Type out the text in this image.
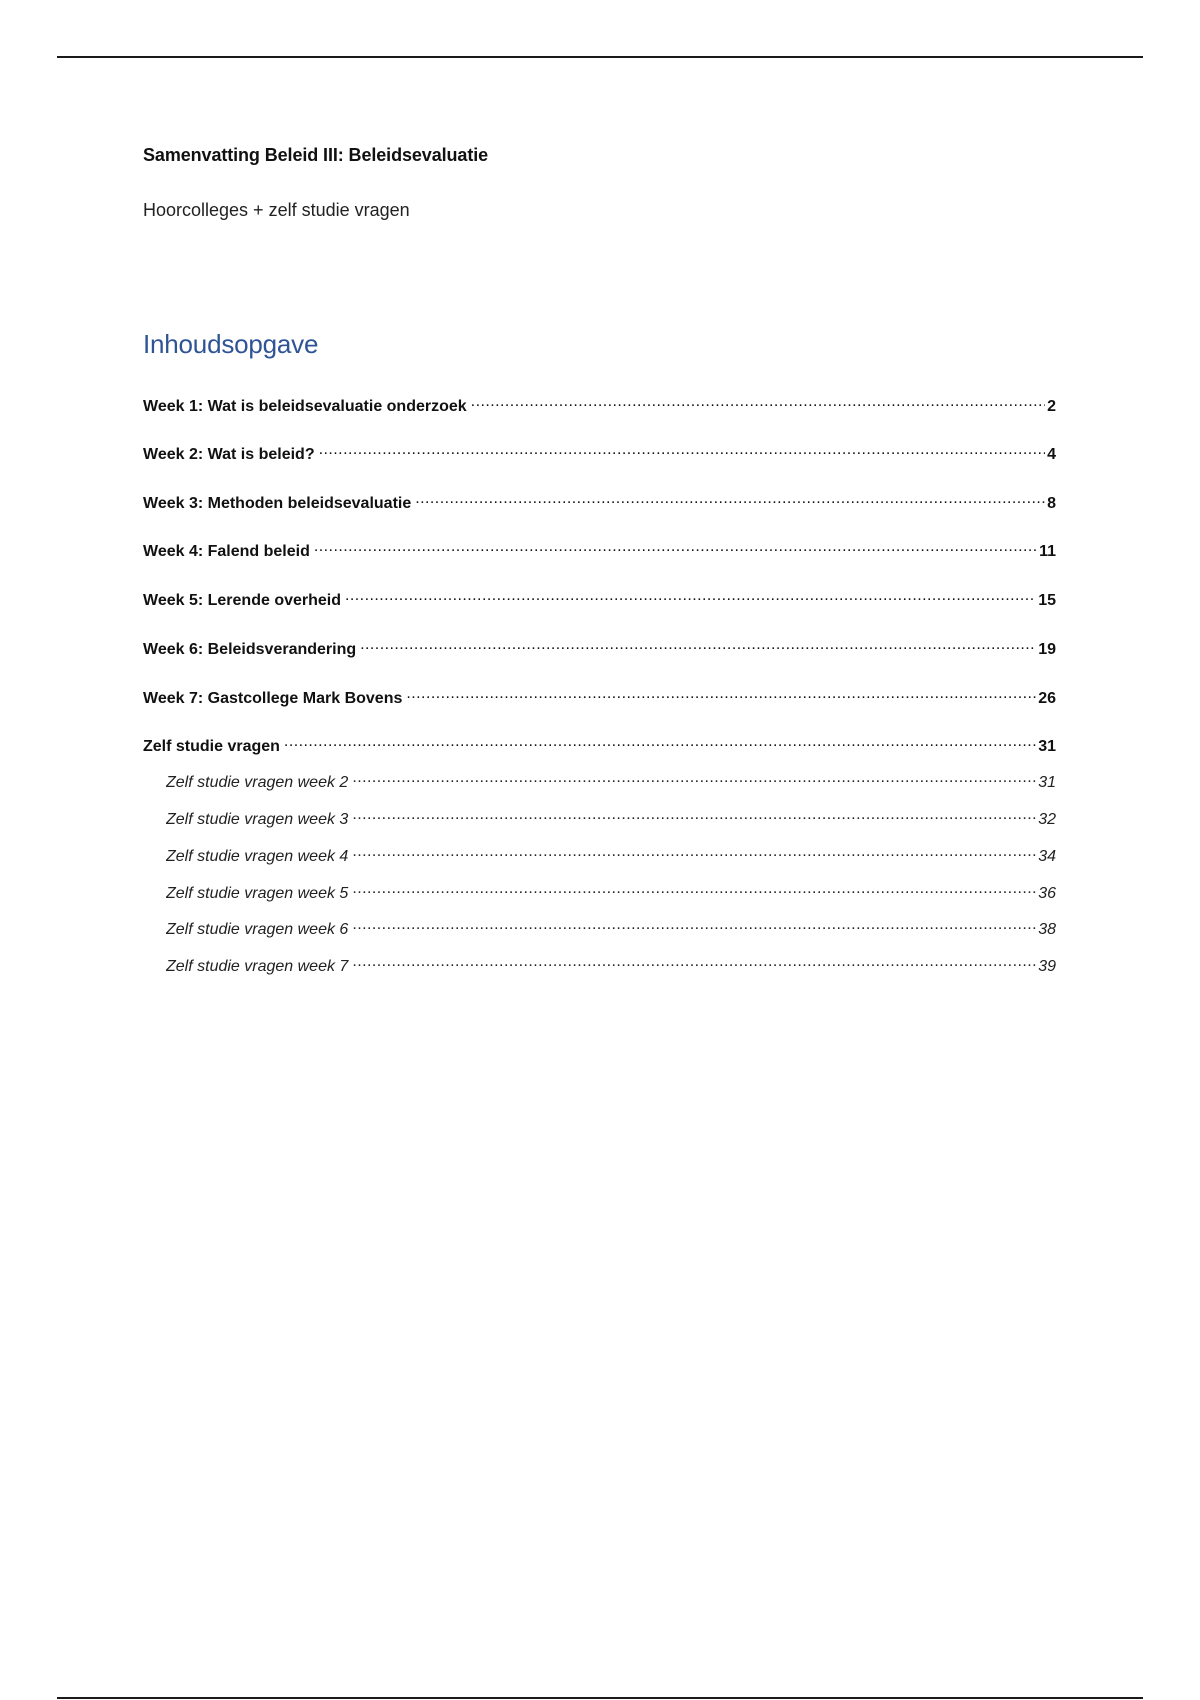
Samenvatting Beleid III: Beleidsevaluatie
Hoorcolleges + zelf studie vragen
Inhoudsopgave
Week 1: Wat is beleidsevaluatie onderzoek . . .	2
Week 2: Wat is beleid? . . .	4
Week 3: Methoden beleidsevaluatie . . .	8
Week 4: Falend beleid . . .	11
Week 5: Lerende overheid . . .	15
Week 6: Beleidsverandering . . .	19
Week 7: Gastcollege Mark Bovens . . .	26
Zelf studie vragen . . .	31
Zelf studie vragen week 2 . . .	31
Zelf studie vragen week 3 . . .	32
Zelf studie vragen week 4 . . .	34
Zelf studie vragen week 5 . . .	36
Zelf studie vragen week 6 . . .	38
Zelf studie vragen week 7 . . .	39
